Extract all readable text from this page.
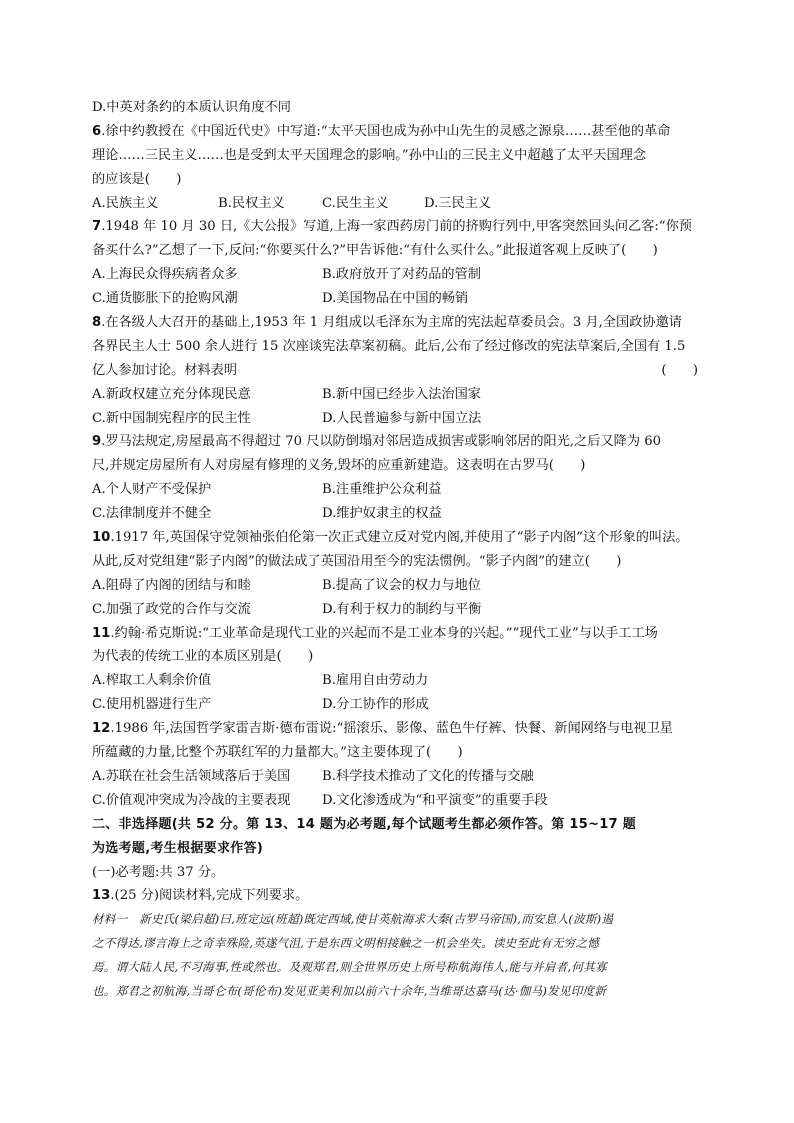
D.中英对条约的本质认识角度不同
6.徐中约教授在《中国近代史》中写道:“太平天国也成为孙中山先生的灵感之源泉……甚至他的革命
理论……三民主义……也是受到太平天国理念的影响。”孙中山的三民主义中超越了太平天国理念
的应该是(　　)
A.民族主义	B.民权主义	C.民生主义	D.三民主义
7.1948 年 10 月 30 日,《大公报》写道,上海一家西药房门前的挤购行列中,甲客突然回头问乙客:“你预
备买什么?”乙想了一下,反问:“你要买什么?”甲告诉他:“有什么买什么。”此报道客观上反映了(　　)
A.上海民众得疾病者众多	B.政府放开了对药品的管制
C.通货膨胀下的抢购风潮	D.美国物品在中国的畅销
8.在各级人大召开的基础上,1953 年 1 月组成以毛泽东为主席的宪法起草委员会。3 月,全国政协邀请
各界民主人士 500 余人进行 15 次座谈宪法草案初稿。此后,公布了经过修改的宪法草案后,全国有 1.5
亿人参加讨论。材料表明	(　　)
A.新政权建立充分体现民意	B.新中国已经步入法治国家
C.新中国制宪程序的民主性	D.人民普遍参与新中国立法
9.罗马法规定,房屋最高不得超过 70 尺以防倒塌对邻居造成损害或影响邻居的阳光,之后又降为 60
尺,并规定房屋所有人对房屋有修理的义务,毁坏的应重新建造。这表明在古罗马(　　)
A.个人财产不受保护	B.注重维护公众利益
C.法律制度并不健全	D.维护奴隶主的权益
10.1917 年,英国保守党领袖张伯伦第一次正式建立反对党内阁,并使用了“影子内阁”这个形象的叫法。
从此,反对党组建“影子内阁”的做法成了英国沿用至今的宪法惯例。“影子内阁”的建立(　　)
A.阻碍了内阁的团结与和睦	B.提高了议会的权力与地位
C.加强了政党的合作与交流	D.有利于权力的制约与平衡
11.约翰·希克斯说:“工业革命是现代工业的兴起而不是工业本身的兴起。”“现代工业”与以手工工场
为代表的传统工业的本质区别是(　　)
A.榨取工人剩余价值	B.雇用自由劳动力
C.使用机器进行生产	D.分工协作的形成
12.1986 年,法国哲学家雷吉斯·德布雷说:“摇滚乐、影像、蓝色牛仔裤、快餐、新闻网络与电视卫星
所蕴藏的力量,比整个苏联红军的力量都大。”这主要体现了(　　)
A.苏联在社会生活领域落后于美国	B.科学技术推动了文化的传播与交融
C.价值观冲突成为冷战的主要表现	D.文化渗透成为“和平演变”的重要手段
二、非选择题(共 52 分。第 13、14 题为必考题,每个试题考生都必须作答。第 15~17 题
为选考题,考生根据要求作答)
(一)必考题:共 37 分。
13.(25 分)阅读材料,完成下列要求。
材料一　新史氏(梁启超)曰,班定远(班超)既定西域,使甘英航海求大秦(古罗马帝国),而安息人(波斯)遏
之不得达,谬言海上之奇幸殊险,英遂气沮,于是东西文明相接触之一机会坐失。读史至此有无穷之憾
焉。谓大陆人民,不习海事,性或然也。及观郑君,则全世界历史上所号称航海伟人,能与并肩者,何其寡
也。郑君之初航海,当哥仑布(哥伦布)发见亚美利加以前六十余年,当维哥达嘉马(达·伽马)发见印度新
